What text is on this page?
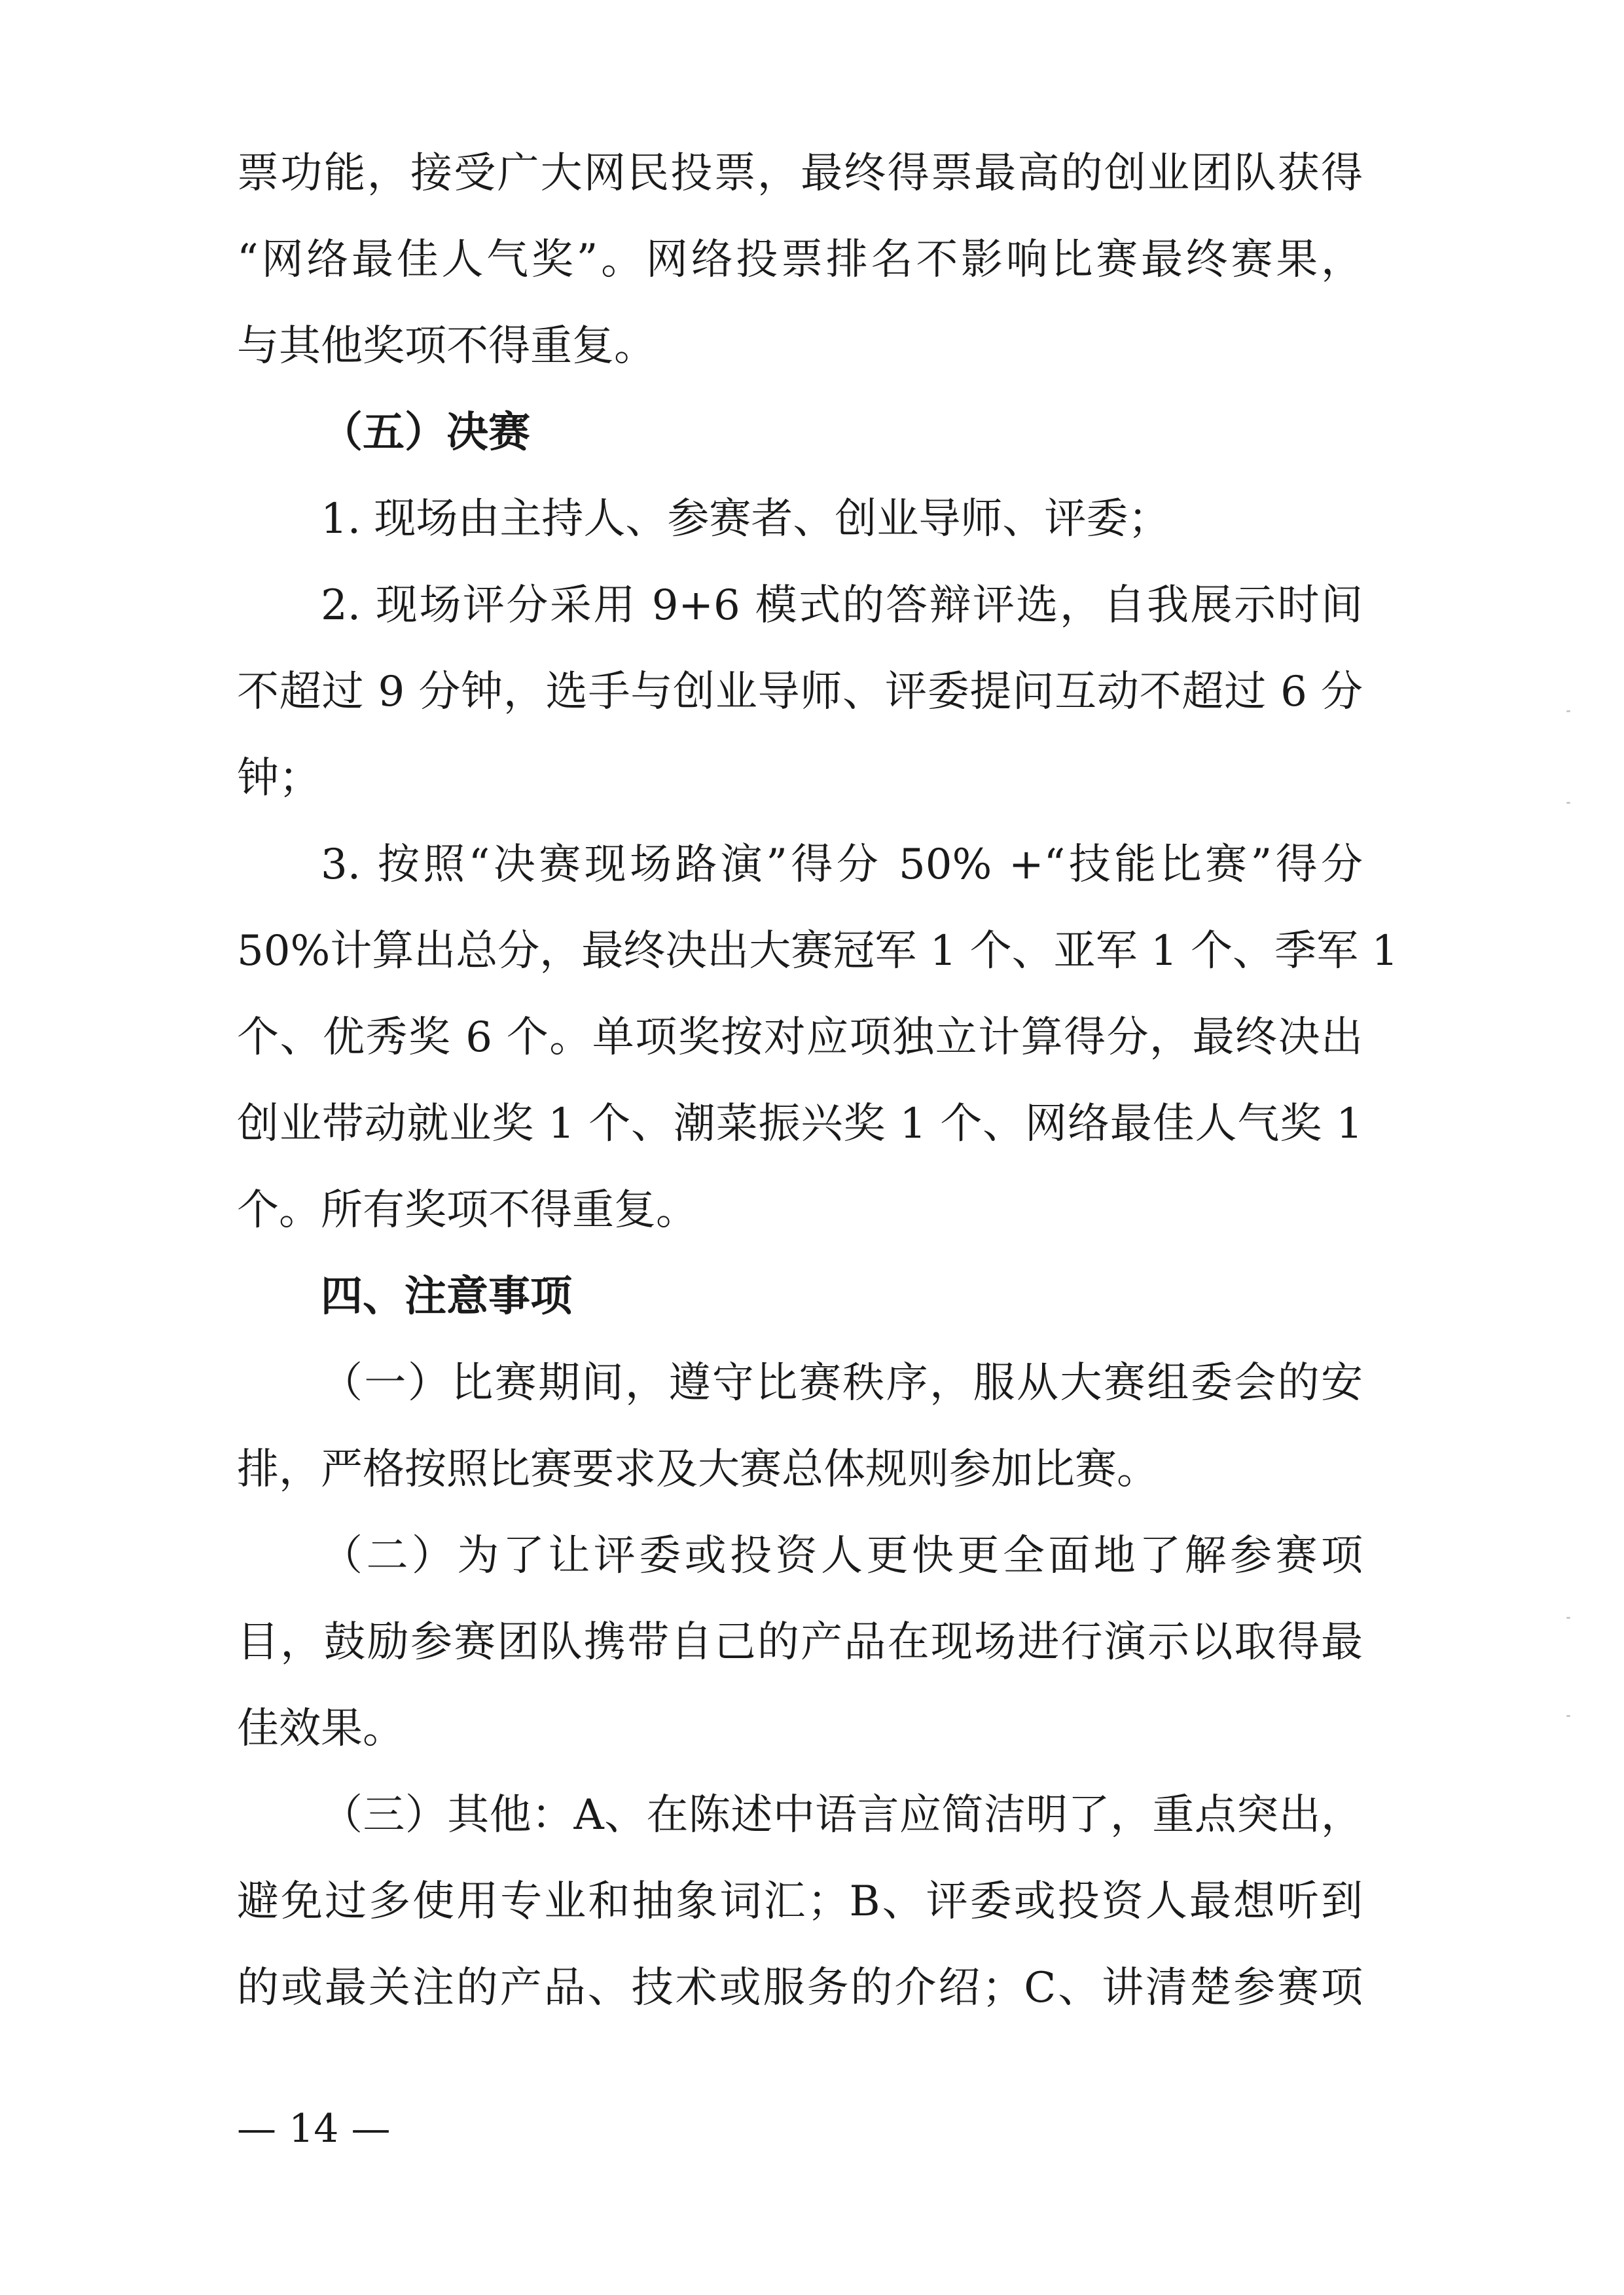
票功能，接受广大网民投票，最终得票最高的创业团队获得
“网络最佳人气奖”。网络投票排名不影响比赛最终赛果，
与其他奖项不得重复。
（五）决赛
1. 现场由主持人、参赛者、创业导师、评委；
2. 现场评分采用 9+6 模式的答辩评选，自我展示时间
不超过 9 分钟，选手与创业导师、评委提问互动不超过 6 分
钟；
3. 按照“决赛现场路演”得分 50% +“技能比赛”得分
50%计算出总分，最终决出大赛冠军 1 个、亚军 1 个、季军 1
个、优秀奖 6 个。单项奖按对应项独立计算得分，最终决出
创业带动就业奖 1 个、潮菜振兴奖 1 个、网络最佳人气奖 1
个。所有奖项不得重复。
四、注意事项
（一）比赛期间，遵守比赛秩序，服从大赛组委会的安
排，严格按照比赛要求及大赛总体规则参加比赛。
（二）为了让评委或投资人更快更全面地了解参赛项
目，鼓励参赛团队携带自己的产品在现场进行演示以取得最
佳效果。
（三）其他：A、在陈述中语言应简洁明了，重点突出，
避免过多使用专业和抽象词汇；B、评委或投资人最想听到
的或最关注的产品、技术或服务的介绍；C、讲清楚参赛项
— 14 —
